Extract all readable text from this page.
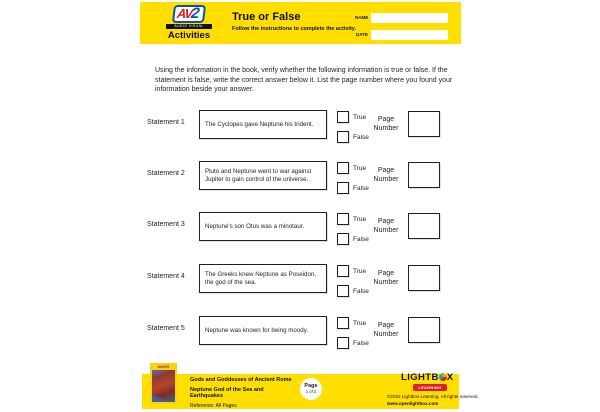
AV2
AUDIO VISUAL
Activities
True or False
Follow the instructions to complete the activity.
NAME
DATE
Using the information in the book, verify whether the following information is true or false. If the statement is false, write the correct answer below it. List the page number where you found your information beside your answer.
Statement 1	The Cyclopes gave Neptune his trident.
True
False
Page
Number
Statement 2	Pluto and Neptune went to war against Jupiter to gain control of the universe.
True
False
Page
Number
Statement 3	Neptune's son Otus was a minotaur.
True
False
Page
Number
Statement 4	The Greeks knew Neptune as Poseidon, the god of the sea.
True
False
Page
Number
Statement 5	Neptune was known for being moody.
True
False
Page
Number
MARS
Gods and Goddesses of Ancient Rome
Neptune God of the Sea and Earthquakes
Reference: All Pages
Page
1 of 2
LIGHTB X
LEARNING
©2022 Lightbox Learning. All rights reserved.
www.openlightbox.com
